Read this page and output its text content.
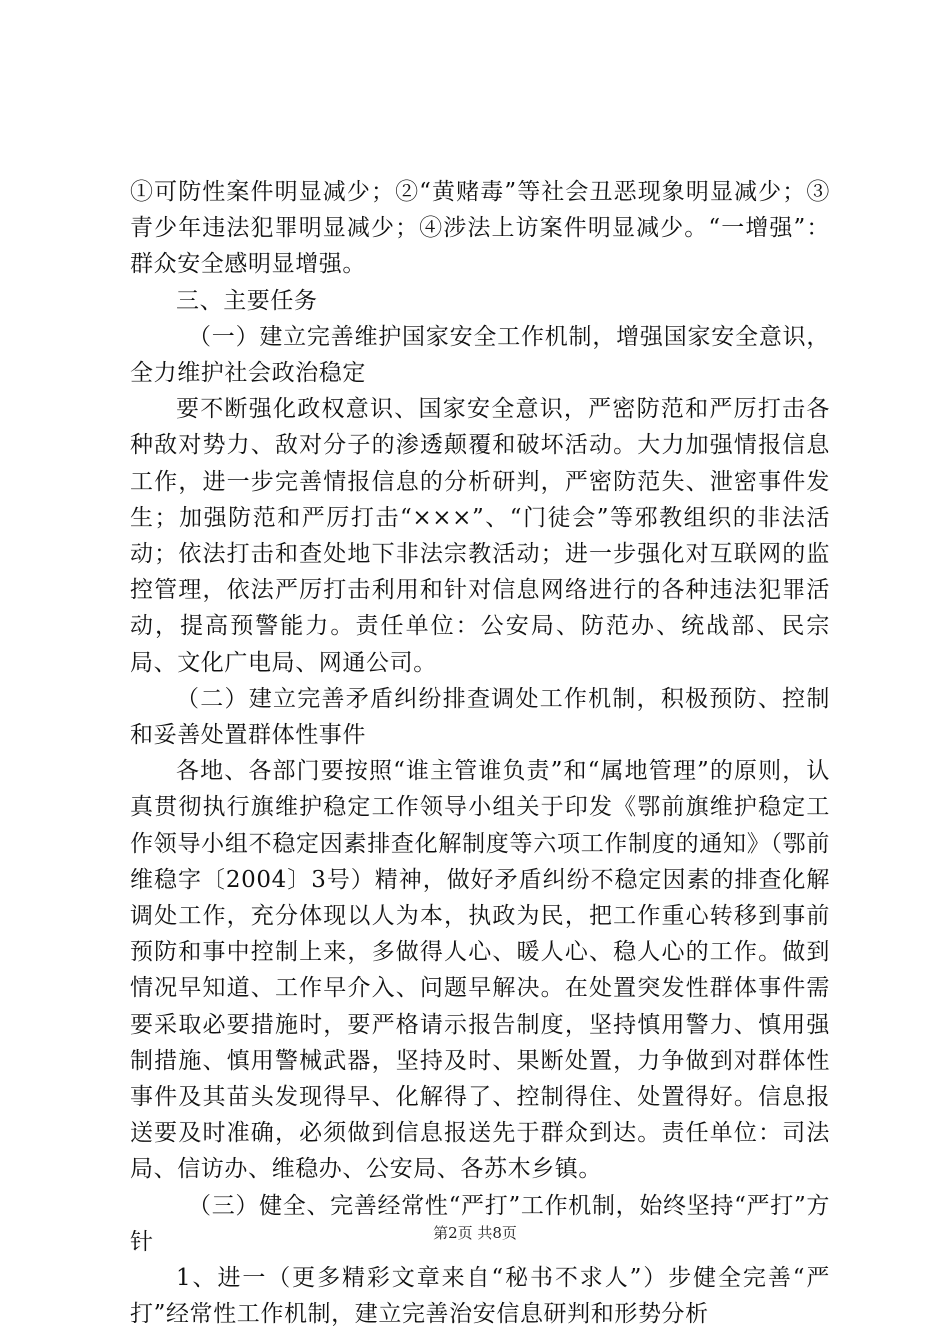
①可防性案件明显减少；②“黄赌毒”等社会丑恶现象明显减少；③青少年违法犯罪明显减少；④涉法上访案件明显减少。“一增强”：群众安全感明显增强。

三、主要任务

（一）建立完善维护国家安全工作机制，增强国家安全意识，全力维护社会政治稳定

要不断强化政权意识、国家安全意识，严密防范和严厉打击各种敌对势力、敌对分子的渗透颠覆和破坏活动。大力加强情报信息工作，进一步完善情报信息的分析研判，严密防范失、泄密事件发生；加强防范和严厉打击“×××”、“门徒会”等邪教组织的非法活动；依法打击和查处地下非法宗教活动；进一步强化对互联网的监控管理，依法严厉打击利用和针对信息网络进行的各种违法犯罪活动，提高预警能力。责任单位：公安局、防范办、统战部、民宗局、文化广电局、网通公司。

（二）建立完善矛盾纠纷排查调处工作机制，积极预防、控制和妥善处置群体性事件

各地、各部门要按照“谁主管谁负责”和“属地管理”的原则，认真贯彻执行旗维护稳定工作领导小组关于印发《鄂前旗维护稳定工作领导小组不稳定因素排查化解制度等六项工作制度的通知》（鄂前维稳字〔2004〕3号）精神，做好矛盾纠纷不稳定因素的排查化解调处工作，充分体现以人为本，执政为民，把工作重心转移到事前预防和事中控制上来，多做得人心、暖人心、稳人心的工作。做到情况早知道、工作早介入、问题早解决。在处置突发性群体事件需要采取必要措施时，要严格请示报告制度，坚持慎用警力、慎用强制措施、慎用警械武器，坚持及时、果断处置，力争做到对群体性事件及其苗头发现得早、化解得了、控制得住、处置得好。信息报送要及时准确，必须做到信息报送先于群众到达。责任单位：司法局、信访办、维稳办、公安局、各苏木乡镇。

（三）健全、完善经常性“严打”工作机制，始终坚持“严打”方针

1、进一（更多精彩文章来自“秘书不求人”）步健全完善“严打”经常性工作机制，建立完善治安信息研判和形势分析

第2页 共8页
